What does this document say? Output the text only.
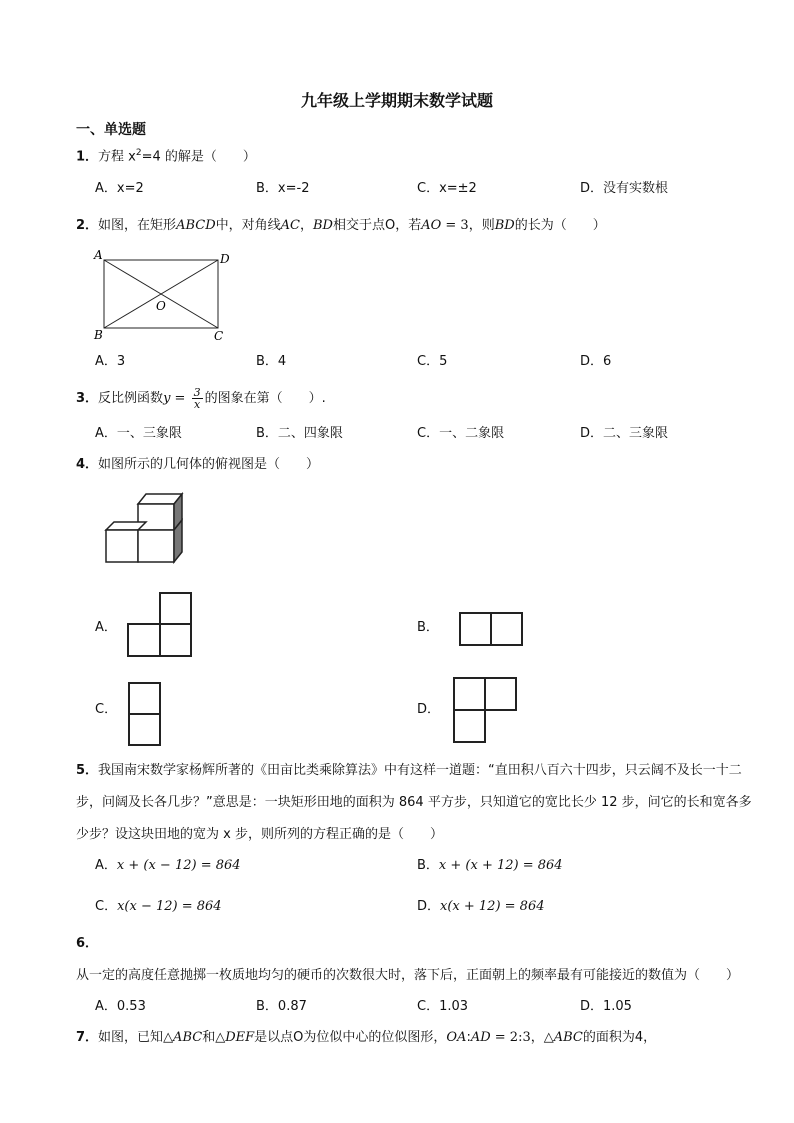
九年级上学期期末数学试题
一、单选题
1．方程 $x^2=4$ 的解是（　　）
A．x=2	B．x=-2	C．x=±2	D．没有实数根
2．如图，在矩形ABCD中，对角线AC，BD相交于点O，若AO = 3，则BD的长为（　　）
A	D
B	C
O
A．3	B．4	C．5	D．6
3．反比例函数$y = \frac{3}{x}$ 的图象在第（　　）.
A．一、三象限	B．二、四象限	C．一、二象限	D．二、三象限
4．如图所示的几何体的俯视图是（　　）
A．	B．
C．	D．
5．我国南宋数学家杨辉所著的《田亩比类乘除算法》中有这样一道题：“直田积八百六十四步，只云阔不及长一十二步，问阔及长各几步？”意思是：一块矩形田地的面积为 864 平方步，只知道它的宽比长少 12 步，问它的长和宽各多少步？设这块田地的宽为 x 步，则所列的方程正确的是（　　）
A．x + (x − 12) = 864	B．x + (x + 12) = 864
C．x(x − 12) = 864	D．x(x + 12) = 864
6．从一定的高度任意抛掷一枚质地均匀的硬币的次数很大时，落下后，正面朝上的频率最有可能接近的数值为（　　）
A．0.53	B．0.87	C．1.03	D．1.05
7．如图，已知△ABC和△DEF是以点O为位似中心的位似图形，OA:AD = 2:3，△ABC的面积为4，
